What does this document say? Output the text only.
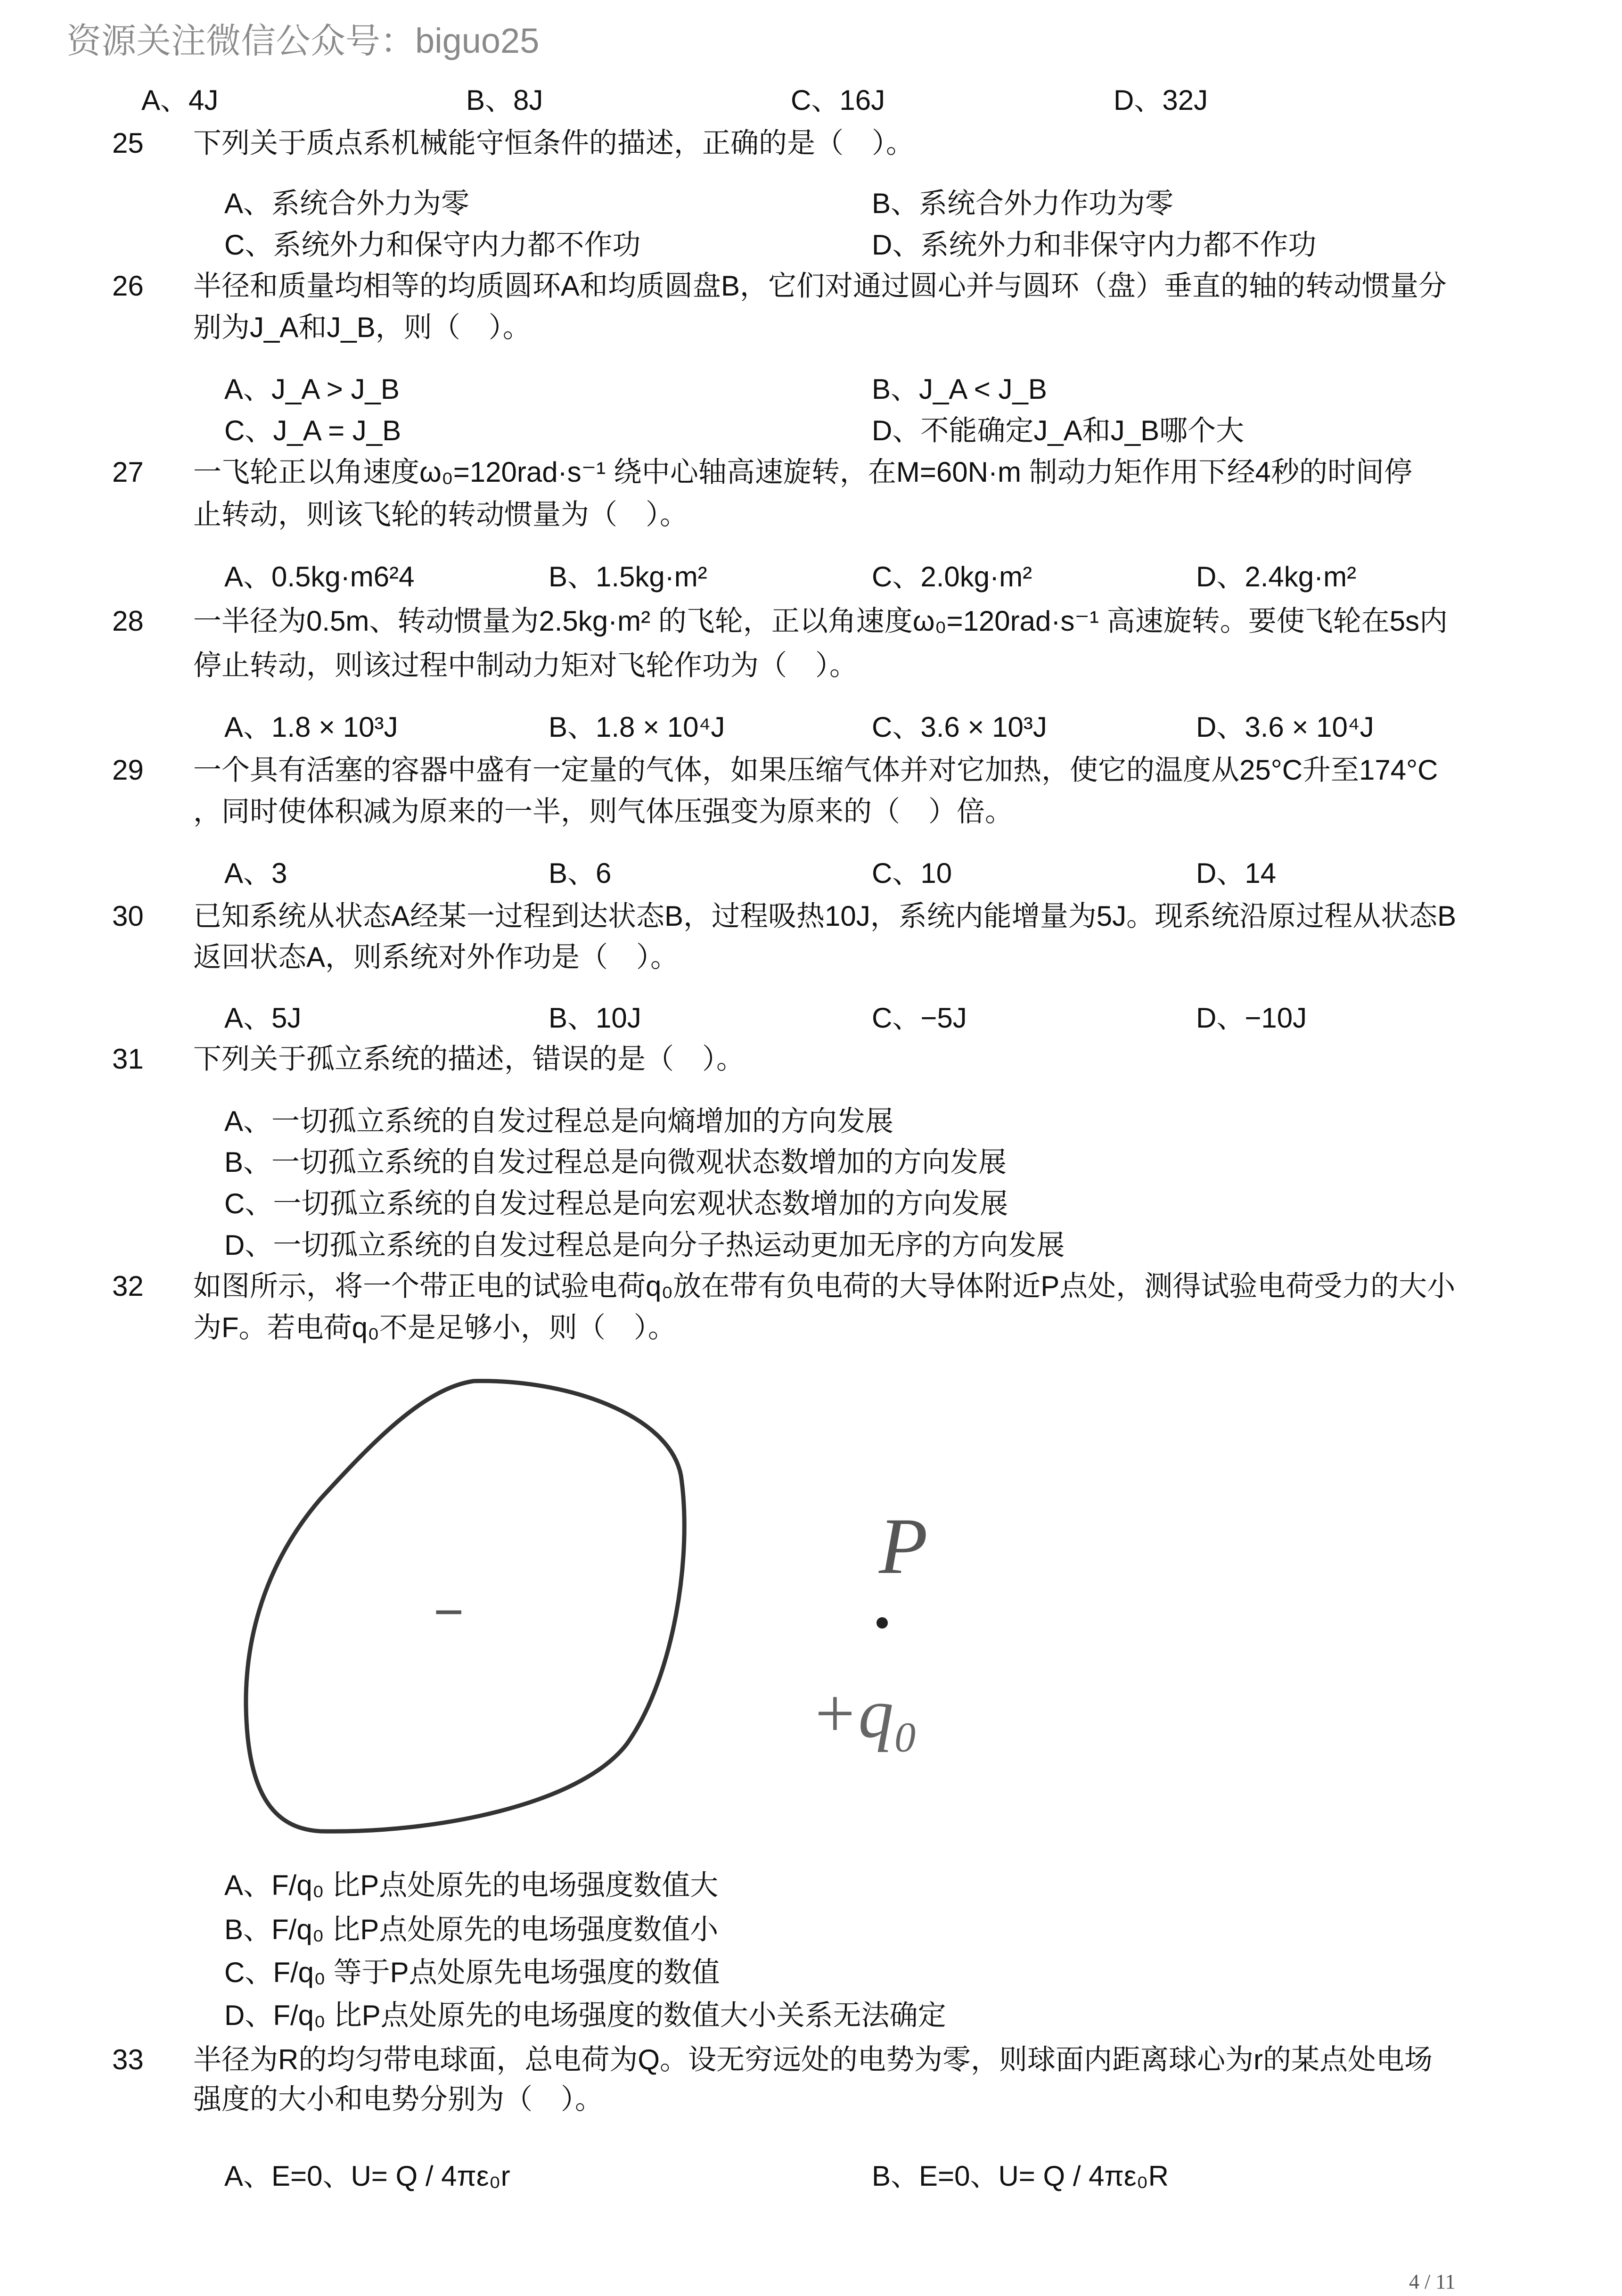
资源关注微信公众号：biguo25
A、4J	B、8J	C、16J	D、32J
25 下列关于质点系机械能守恒条件的描述，正确的是（　）。
A、系统合外力为零	B、系统合外力作功为零
C、系统外力和保守内力都不作功	D、系统外力和非保守内力都不作功
26 半径和质量均相等的均质圆环A和均质圆盘B，它们对通过圆心并与圆环（盘）垂直的轴的转动惯量分
别为J_A和J_B，则（　）。
A、J_A > J_B	B、J_A < J_B
C、J_A = J_B	D、不能确定J_A和J_B哪个大
27 一飞轮正以角速度ω₀=120rad·s⁻¹ 绕中心轴高速旋转，在M=60N·m 制动力矩作用下经4秒的时间停
止转动，则该飞轮的转动惯量为（　）。
A、0.5kg·m6²4	B、1.5kg·m²	C、2.0kg·m²	D、2.4kg·m²
28 一半径为0.5m、转动惯量为2.5kg·m² 的飞轮，正以角速度ω₀=120rad·s⁻¹ 高速旋转。要使飞轮在5s内
停止转动，则该过程中制动力矩对飞轮作功为（　）。
A、1.8 × 10³J	B、1.8 × 10⁴J	C、3.6 × 10³J	D、3.6 × 10⁴J
29 一个具有活塞的容器中盛有一定量的气体，如果压缩气体并对它加热，使它的温度从25°C升至174°C
，同时使体积减为原来的一半，则气体压强变为原来的（　）倍。
A、3	B、6	C、10	D、14
30 已知系统从状态A经某一过程到达状态B，过程吸热10J，系统内能增量为5J。现系统沿原过程从状态B
返回状态A，则系统对外作功是（　）。
A、5J	B、10J	C、−5J	D、−10J
31 下列关于孤立系统的描述，错误的是（　）。
A、一切孤立系统的自发过程总是向熵增加的方向发展
B、一切孤立系统的自发过程总是向微观状态数增加的方向发展
C、一切孤立系统的自发过程总是向宏观状态数增加的方向发展
D、一切孤立系统的自发过程总是向分子热运动更加无序的方向发展
32 如图所示，将一个带正电的试验电荷q₀放在带有负电荷的大导体附近P点处，测得试验电荷受力的大小
为F。若电荷q₀不是足够小，则（　）。
−
P
+q₀
A、F/q₀ 比P点处原先的电场强度数值大
B、F/q₀ 比P点处原先的电场强度数值小
C、F/q₀ 等于P点处原先电场强度的数值
D、F/q₀ 比P点处原先的电场强度的数值大小关系无法确定
33 半径为R的均匀带电球面，总电荷为Q。设无穷远处的电势为零，则球面内距离球心为r的某点处电场
强度的大小和电势分别为（　）。
A、E=0、U= Q / 4πε₀r	B、E=0、U= Q / 4πε₀R
4 / 11
